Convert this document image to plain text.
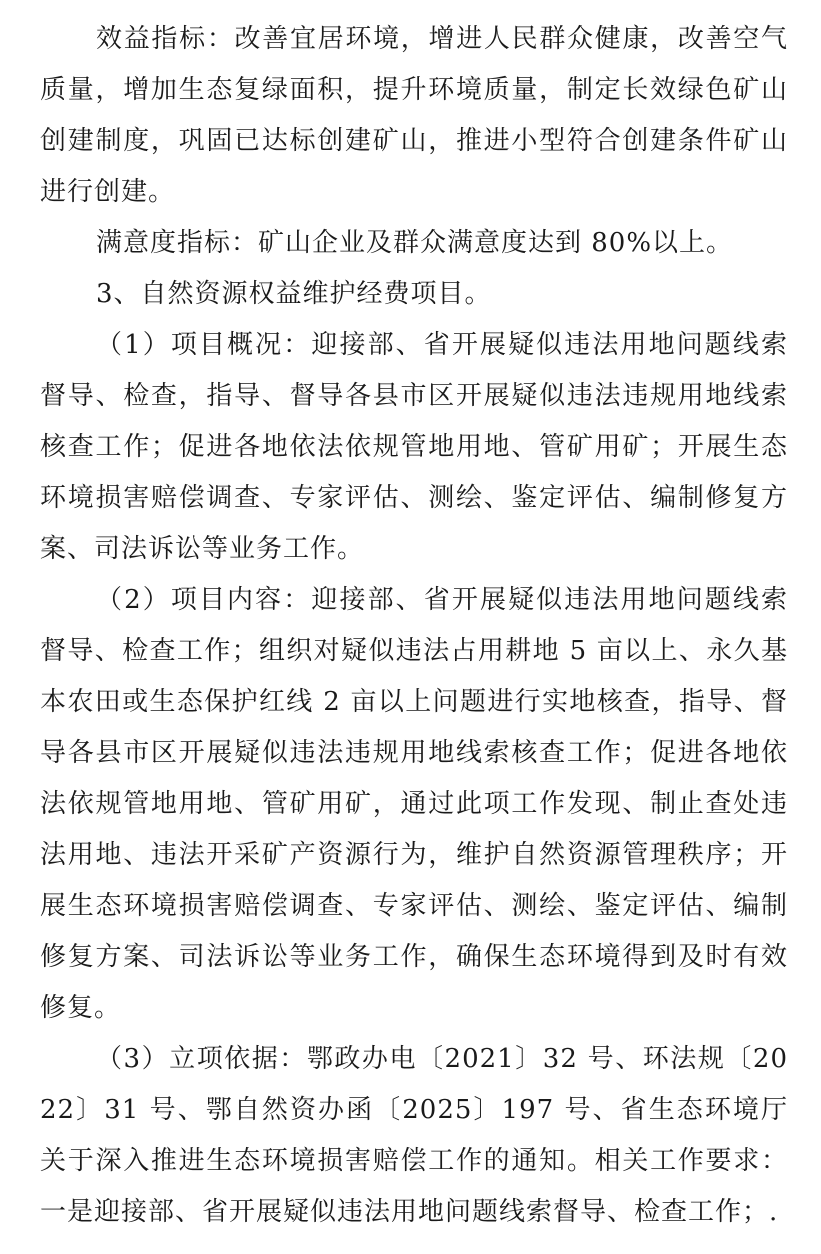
效益指标：改善宜居环境，增进人民群众健康，改善空气质量，增加生态复绿面积，提升环境质量，制定长效绿色矿山创建制度，巩固已达标创建矿山，推进小型符合创建条件矿山进行创建。

满意度指标：矿山企业及群众满意度达到 80%以上。

3、自然资源权益维护经费项目。

（1）项目概况：迎接部、省开展疑似违法用地问题线索督导、检查，指导、督导各县市区开展疑似违法违规用地线索核查工作；促进各地依法依规管地用地、管矿用矿；开展生态环境损害赔偿调查、专家评估、测绘、鉴定评估、编制修复方案、司法诉讼等业务工作。

（2）项目内容：迎接部、省开展疑似违法用地问题线索督导、检查工作；组织对疑似违法占用耕地 5 亩以上、永久基本农田或生态保护红线 2 亩以上问题进行实地核查，指导、督导各县市区开展疑似违法违规用地线索核查工作；促进各地依法依规管地用地、管矿用矿，通过此项工作发现、制止查处违法用地、违法开采矿产资源行为，维护自然资源管理秩序；开展生态环境损害赔偿调查、专家评估、测绘、鉴定评估、编制修复方案、司法诉讼等业务工作，确保生态环境得到及时有效修复。

（3）立项依据：鄂政办电〔2021〕32 号、环法规〔2022〕31 号、鄂自然资办函〔2025〕197 号、省生态环境厅关于深入推进生态环境损害赔偿工作的通知。相关工作要求：一是迎接部、省开展疑似违法用地问题线索督导、检查工作；.
